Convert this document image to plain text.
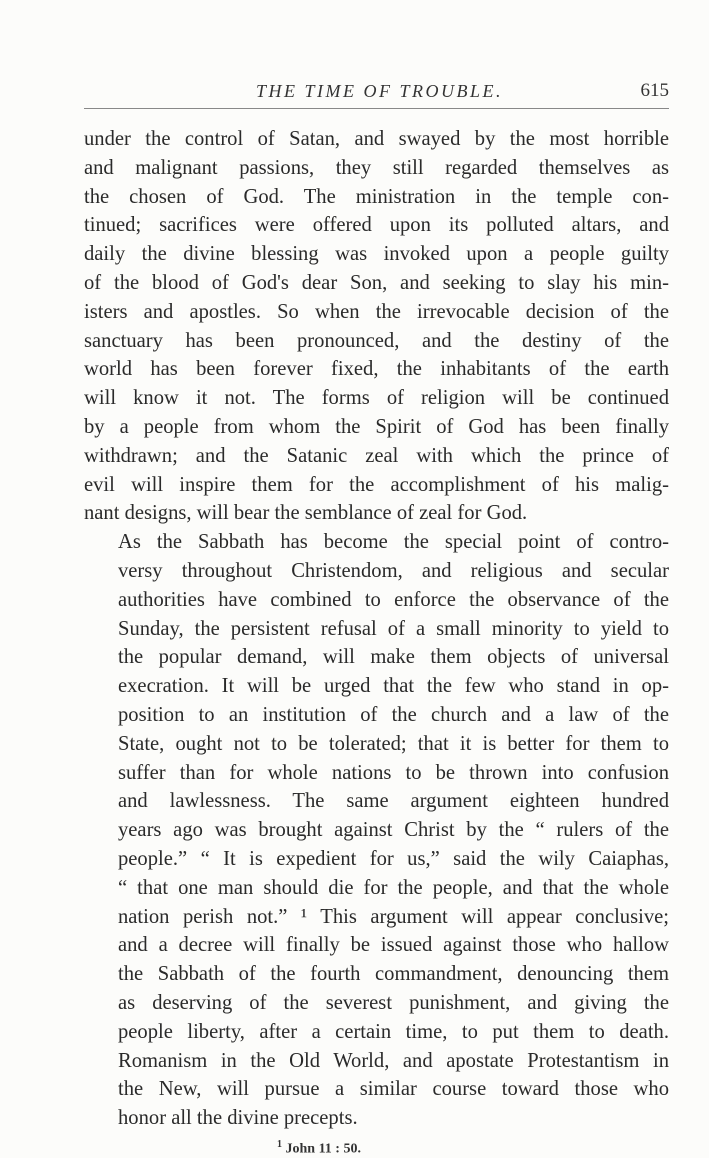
THE TIME OF TROUBLE.	615

under the control of Satan, and swayed by the most horrible
and malignant passions, they still regarded themselves as
the chosen of God. The ministration in the temple con-
tinued; sacrifices were offered upon its polluted altars, and
daily the divine blessing was invoked upon a people guilty
of the blood of God's dear Son, and seeking to slay his min-
isters and apostles. So when the irrevocable decision of the
sanctuary has been pronounced, and the destiny of the
world has been forever fixed, the inhabitants of the earth
will know it not. The forms of religion will be continued
by a people from whom the Spirit of God has been finally
withdrawn; and the Satanic zeal with which the prince of
evil will inspire them for the accomplishment of his malig-
nant designs, will bear the semblance of zeal for God.

As the Sabbath has become the special point of contro-
versy throughout Christendom, and religious and secular
authorities have combined to enforce the observance of the
Sunday, the persistent refusal of a small minority to yield to
the popular demand, will make them objects of universal
execration. It will be urged that the few who stand in op-
position to an institution of the church and a law of the
State, ought not to be tolerated; that it is better for them to
suffer than for whole nations to be thrown into confusion
and lawlessness. The same argument eighteen hundred
years ago was brought against Christ by the “ rulers of the
people.” “ It is expedient for us,” said the wily Caiaphas,
“ that one man should die for the people, and that the whole
nation perish not.” ¹ This argument will appear conclusive;
and a decree will finally be issued against those who hallow
the Sabbath of the fourth commandment, denouncing them
as deserving of the severest punishment, and giving the
people liberty, after a certain time, to put them to death.
Romanism in the Old World, and apostate Protestantism in
the New, will pursue a similar course toward those who
honor all the divine precepts.

$^1$ John 11 : 50.
